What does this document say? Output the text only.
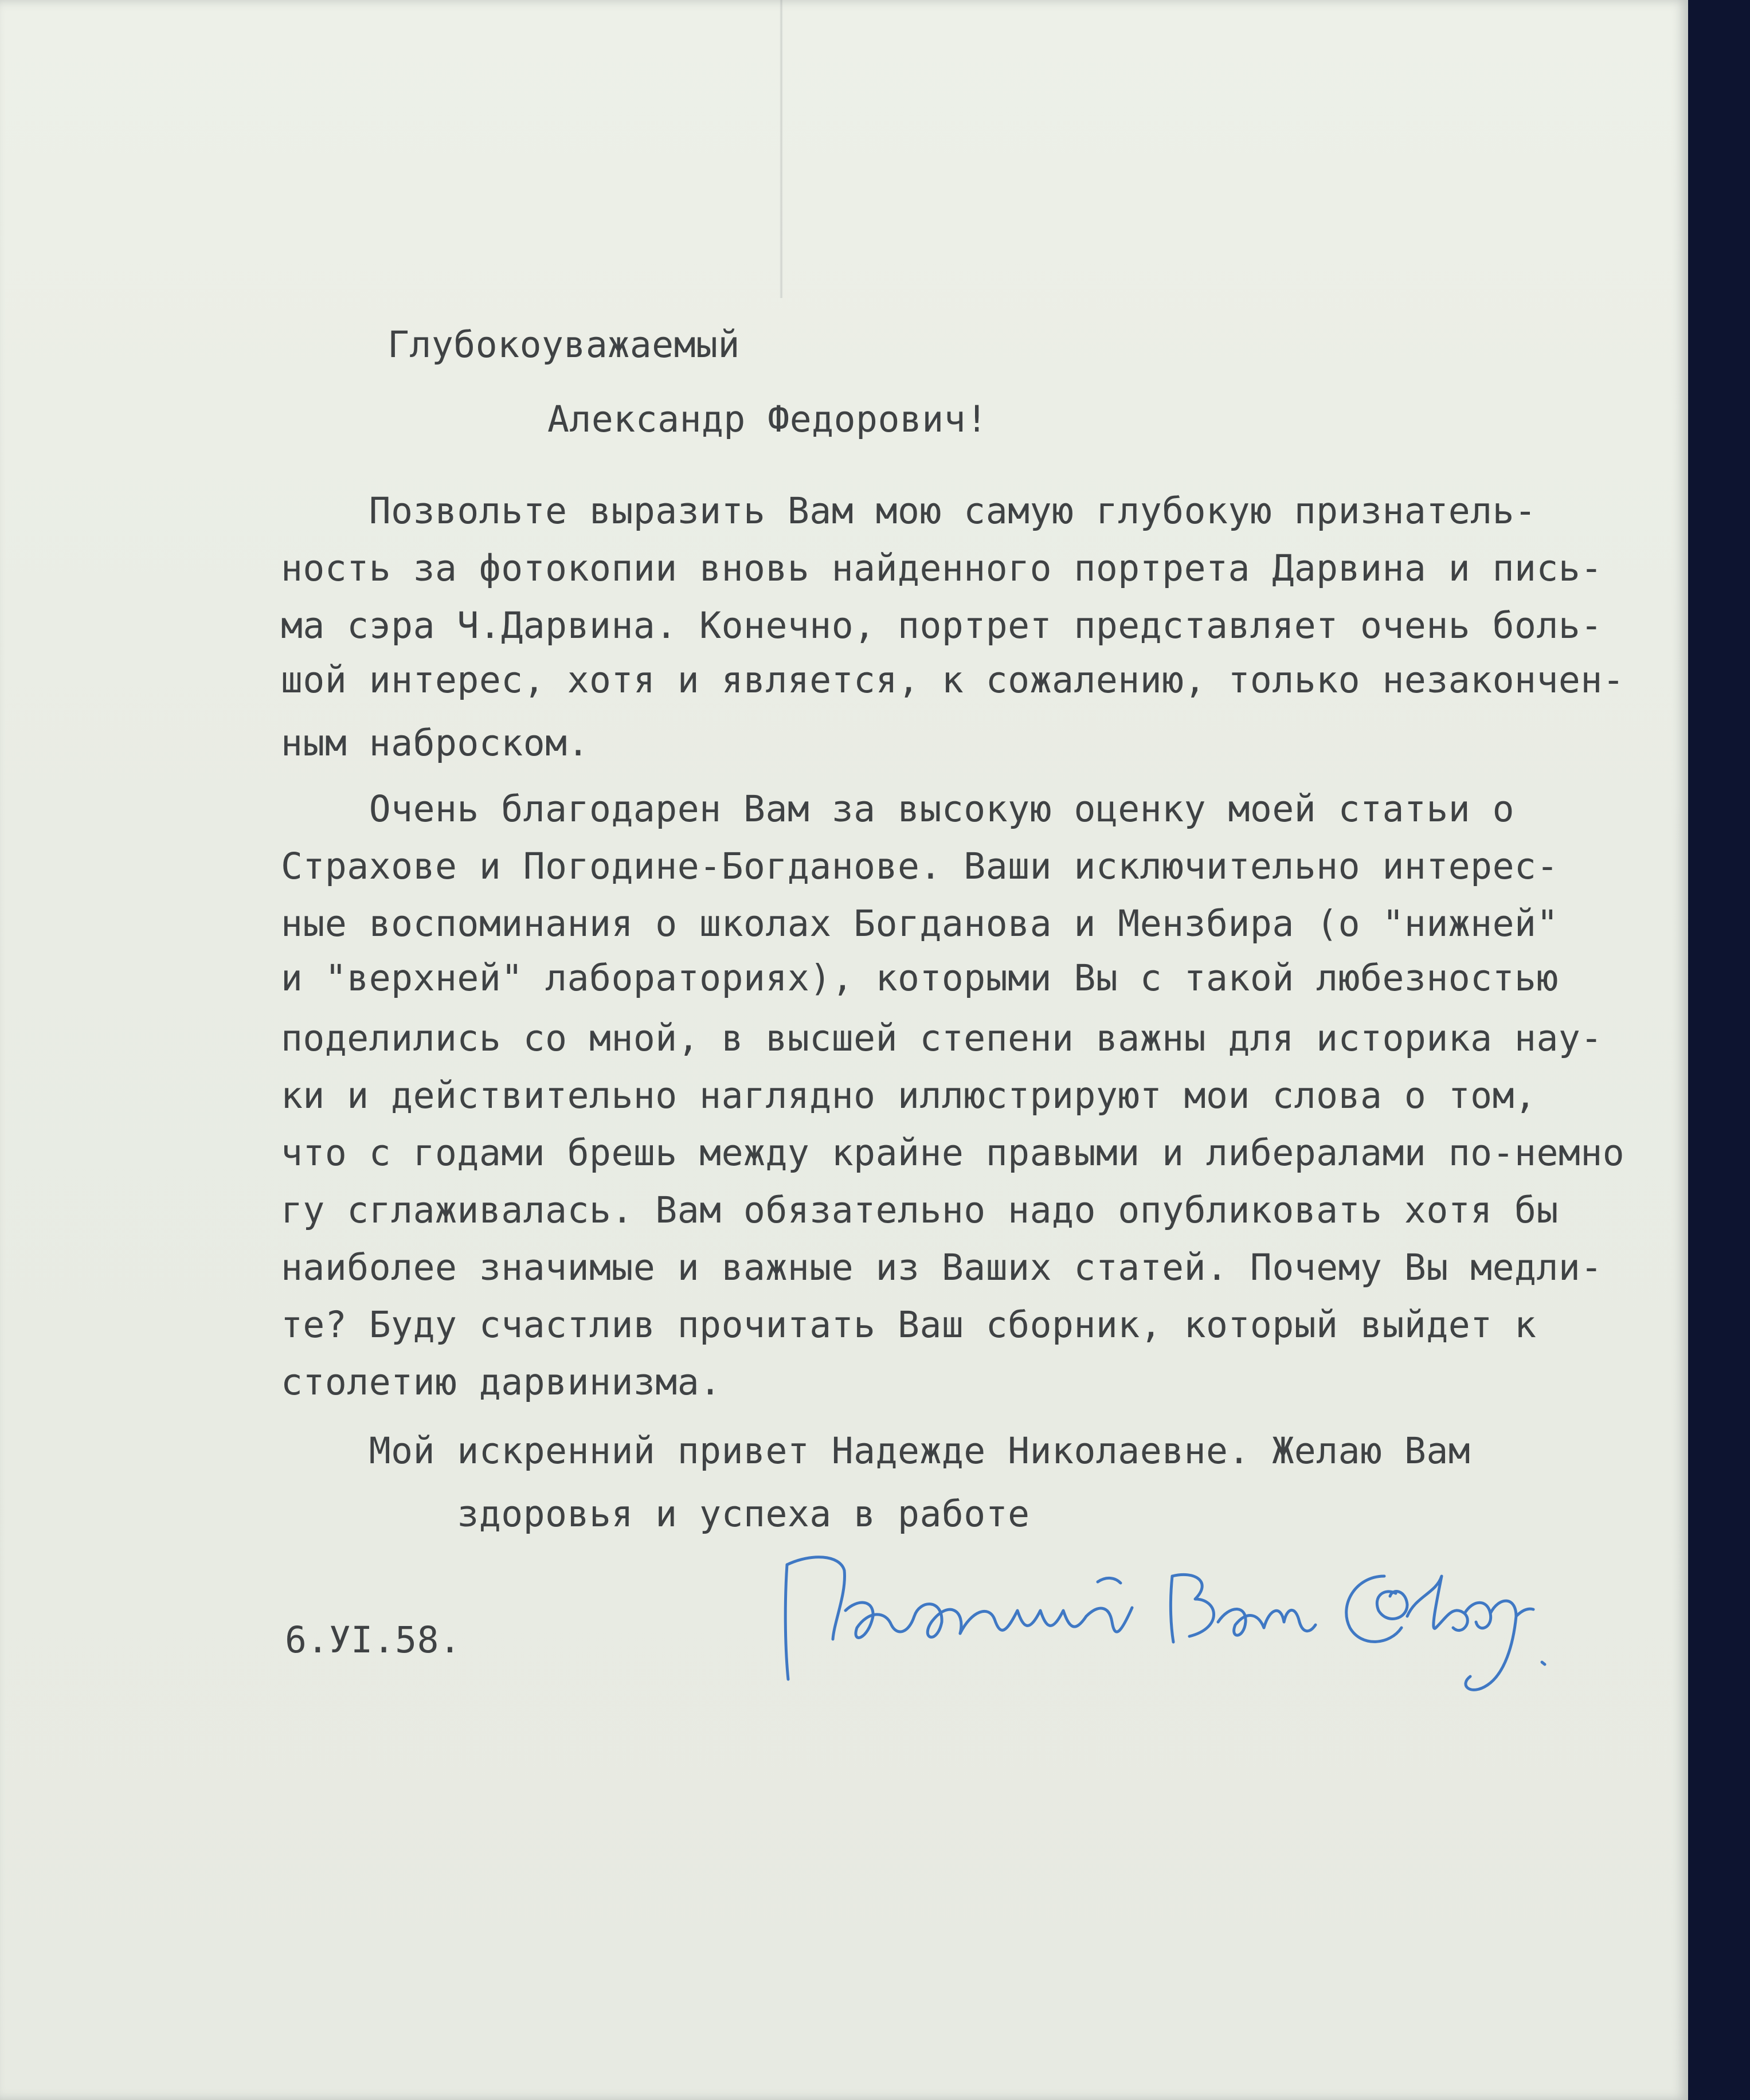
Глубокоуважаемый
Александр Федорович!
Позвольте выразить Вам мою самую глубокую признатель-
ность за фотокопии вновь найденного портрета Дарвина и пись-
ма сэра Ч.Дарвина. Конечно, портрет представляет очень боль-
шой интерес, хотя и является, к сожалению, только незакончен-
ным наброском.
Очень благодарен Вам за высокую оценку моей статьи о
Страхове и Погодине-Богданове. Ваши исключительно интерес-
ные воспоминания о школах Богданова и Мензбира (о "нижней"
и "верхней" лабораториях), которыми Вы с такой любезностью
поделились со мной, в высшей степени важны для историка нау-
ки и действительно наглядно иллюстрируют мои слова о том,
что с годами брешь между крайне правыми и либералами по-немно
гу сглаживалась. Вам обязательно надо опубликовать хотя бы
наиболее значимые и важные из Ваших статей. Почему Вы медли-
те? Буду счастлив прочитать Ваш сборник, который выйдет к
столетию дарвинизма.
Мой искренний привет Надежде Николаевне. Желаю Вам
здоровья и успеха в работе
6.УI.58.
